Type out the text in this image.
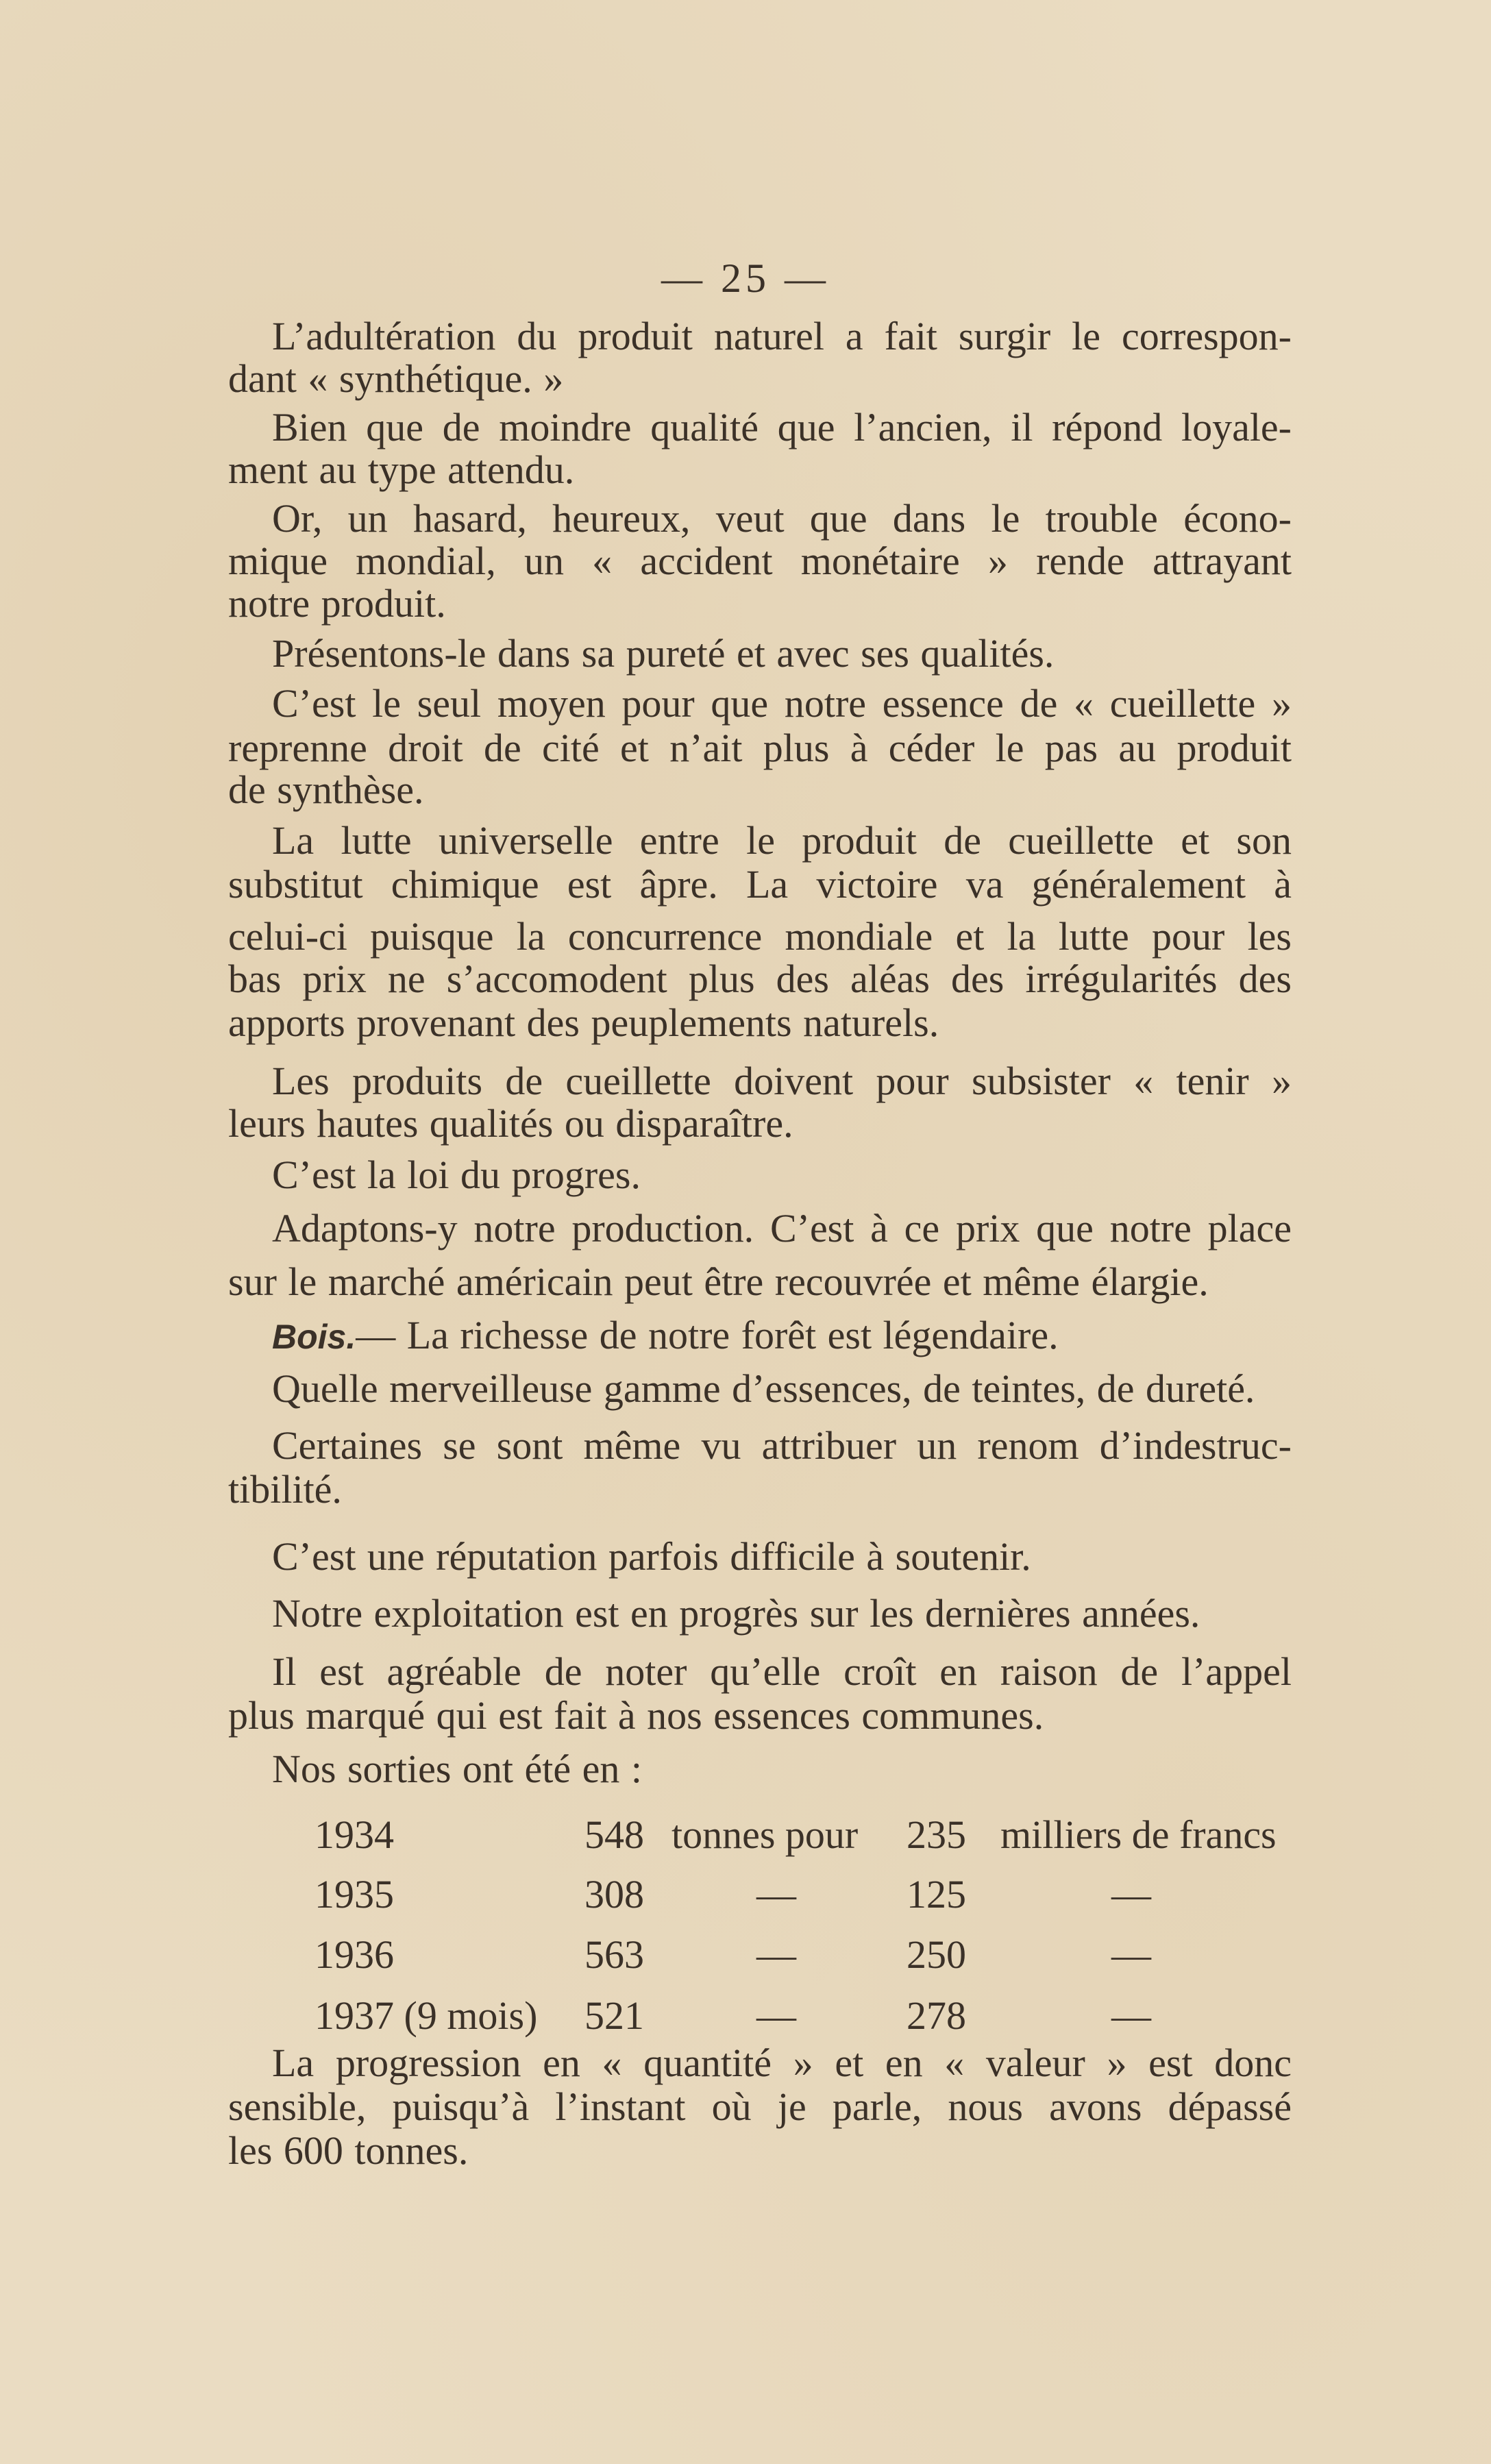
— 25 —
L’adultération du produit naturel a fait surgir le correspon-
dant « synthétique. »
Bien que de moindre qualité que l’ancien, il répond loyale-
ment au type attendu.
Or, un hasard, heureux, veut que dans le trouble écono-
mique mondial, un « accident monétaire » rende attrayant
notre produit.
Présentons-le dans sa pureté et avec ses qualités.
C’est le seul moyen pour que notre essence de « cueillette »
reprenne droit de cité et n’ait plus à céder le pas au produit
de synthèse.
La lutte universelle entre le produit de cueillette et son
substitut chimique est âpre. La victoire va généralement à
celui-ci puisque la concurrence mondiale et la lutte pour les
bas prix ne s’accomodent plus des aléas des irrégularités des
apports provenant des peuplements naturels.
Les produits de cueillette doivent pour subsister « tenir »
leurs hautes qualités ou disparaître.
C’est la loi du progres.
Adaptons-y notre production. C’est à ce prix que notre place
sur le marché américain peut être recouvrée et même élargie.
Bois.— La richesse de notre forêt est légendaire.
Quelle merveilleuse gamme d’essences, de teintes, de dureté.
Certaines se sont même vu attribuer un renom d’indestruc-
tibilité.
C’est une réputation parfois difficile à soutenir.
Notre exploitation est en progrès sur les dernières années.
Il est agréable de noter qu’elle croît en raison de l’appel
plus marqué qui est fait à nos essences communes.
Nos sorties ont été en :
1934	548 tonnes pour 235 milliers de francs
1935	308	—	125	—
1936	563	—	250	—
1937 (9 mois) 521	—	278	—
La progression en « quantité » et en « valeur » est donc
sensible, puisqu’à l’instant où je parle, nous avons dépassé
les 600 tonnes.
